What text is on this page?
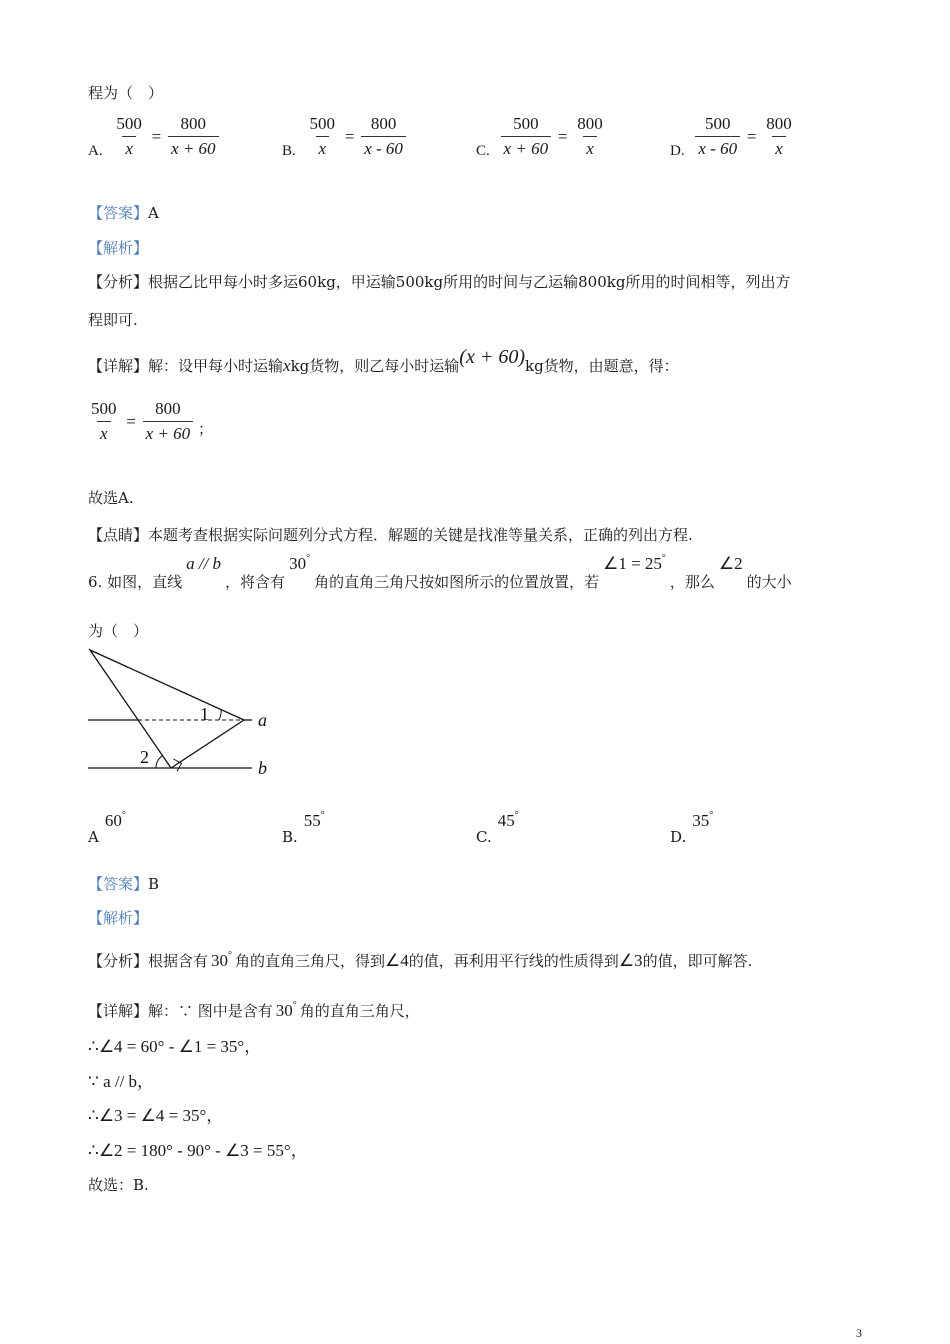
程为（　）
A. $\frac{500}{x} = \frac{800}{x + 60}$	B. $\frac{500}{x} = \frac{800}{x - 60}$	C. $\frac{500}{x + 60} = \frac{800}{x}$	D. $\frac{500}{x - 60} = \frac{800}{x}$
【答案】A
【解析】
【分析】根据乙比甲每小时多运60kg，甲运输500kg所用的时间与乙运输800kg所用的时间相等，列出方
程即可.
【详解】解：设甲每小时运输xkg货物，则乙每小时运输(x + 60)kg货物，由题意，得：
$\frac{500}{x} = \frac{800}{x + 60}$ ；
故选A.
【点睛】本题考查根据实际问题列分式方程．解题的关键是找准等量关系，正确的列出方程.
6. 如图，直线a // b，将含有30°角的直角三角尺按如图所示的位置放置，若∠1 = 25°，那么∠2的大小
为（　）
1
2
a
b
A60°
B.55°
C.45°
D.35°
【答案】B
【解析】
【分析】根据含有 30° 角的直角三角尺，得到∠4的值，再利用平行线的性质得到∠3的值，即可解答.
【详解】解：∵ 图中是含有 30° 角的直角三角尺，
∴∠4 = 60° - ∠1 = 35°，
∵ a // b，
∴∠3 = ∠4 = 35°，
∴∠2 = 180° - 90° - ∠3 = 55°，
故选：B.
3
